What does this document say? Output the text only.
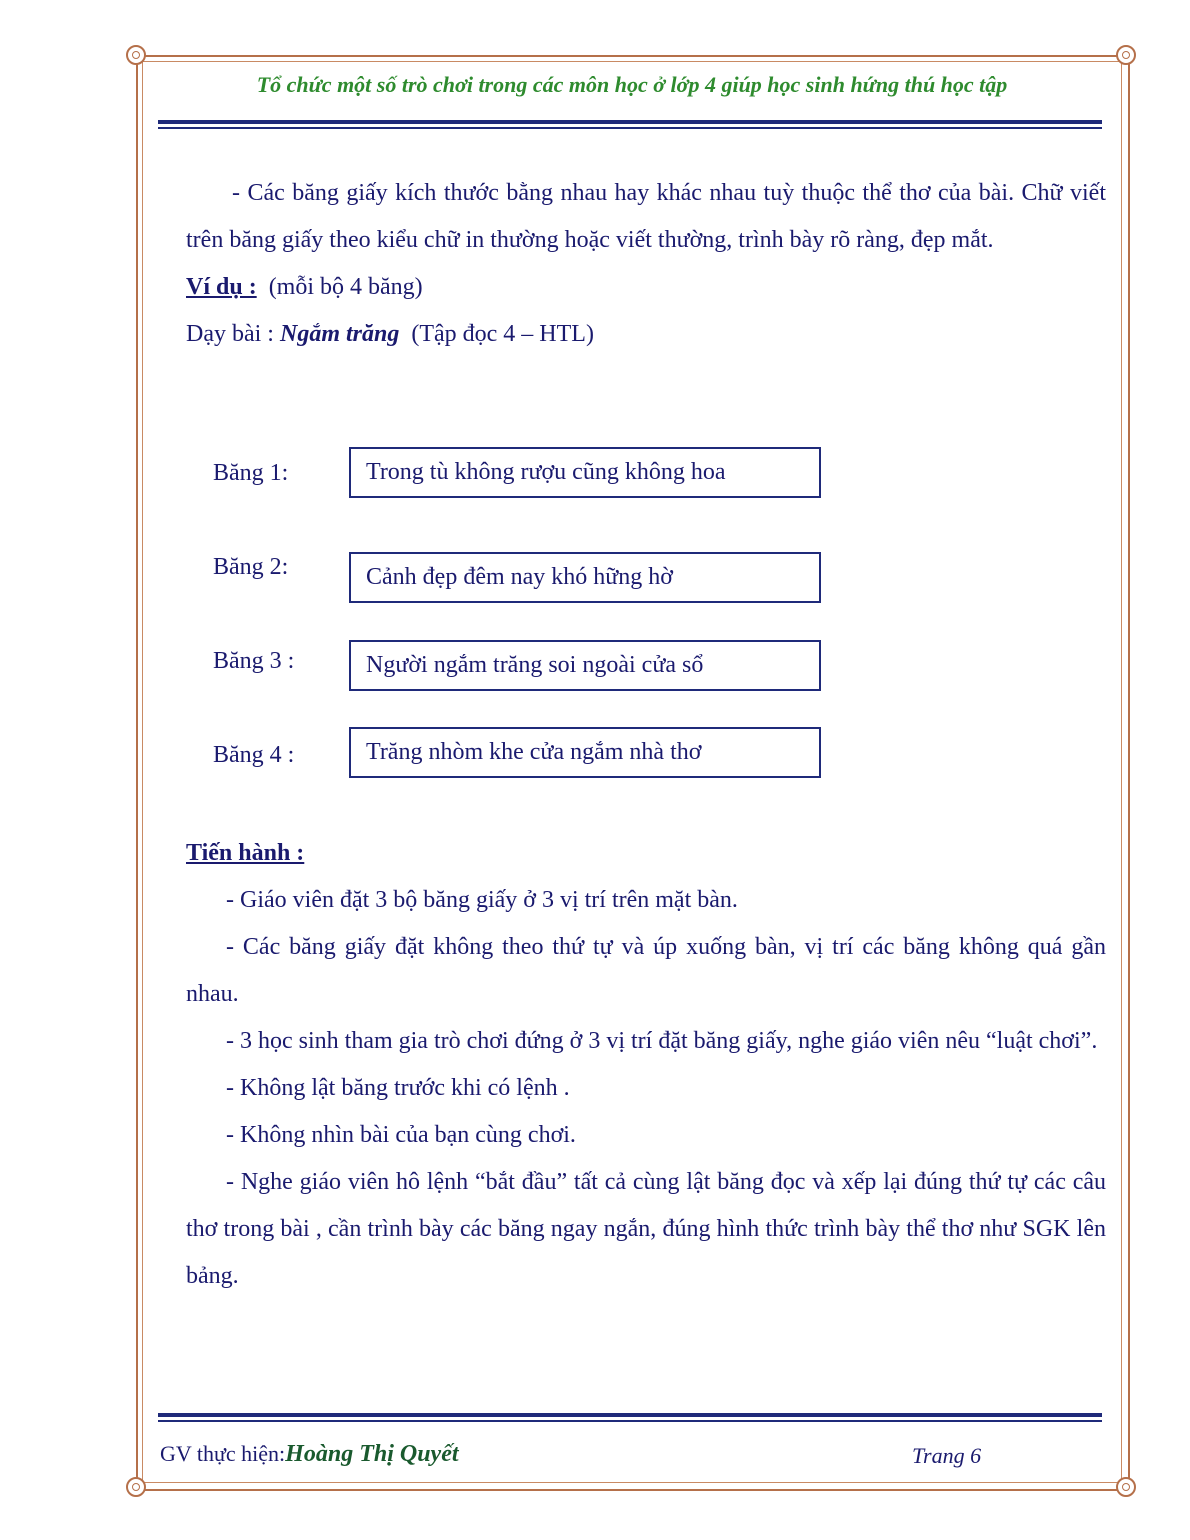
Tổ chức một số trò chơi trong các môn học ở lớp 4 giúp học sinh hứng thú học tập

- Các băng giấy kích thước bằng nhau hay khác nhau tuỳ thuộc thể thơ của bài. Chữ viết trên băng giấy theo kiểu chữ in thường hoặc viết thường, trình bày rõ ràng, đẹp mắt.

Ví dụ : (mỗi bộ 4 băng)

Dạy bài : Ngắm trăng (Tập đọc 4 – HTL)

Băng 1:	Trong tù không rượu cũng không hoa
Băng 2:	Cảnh đẹp đêm nay khó hững hờ
Băng 3 :	Người ngắm trăng soi ngoài cửa sổ
Băng 4 :	Trăng nhòm khe cửa ngắm nhà thơ

Tiến hành :

- Giáo viên đặt 3 bộ băng giấy ở 3 vị trí trên mặt bàn.

- Các băng giấy đặt không theo thứ tự và úp xuống bàn, vị trí các băng không quá gần nhau.

- 3 học sinh tham gia trò chơi đứng ở 3 vị trí đặt băng giấy, nghe giáo viên nêu “luật chơi”.

- Không lật băng trước khi có lệnh .

- Không nhìn bài của bạn cùng chơi.

- Nghe giáo viên hô lệnh “bắt đầu” tất cả cùng lật băng đọc và xếp lại đúng thứ tự các câu thơ trong bài , cần trình bày các băng ngay ngắn, đúng hình thức trình bày thể thơ như SGK lên bảng.

GV thực hiện:Hoàng Thị Quyết	Trang 6
